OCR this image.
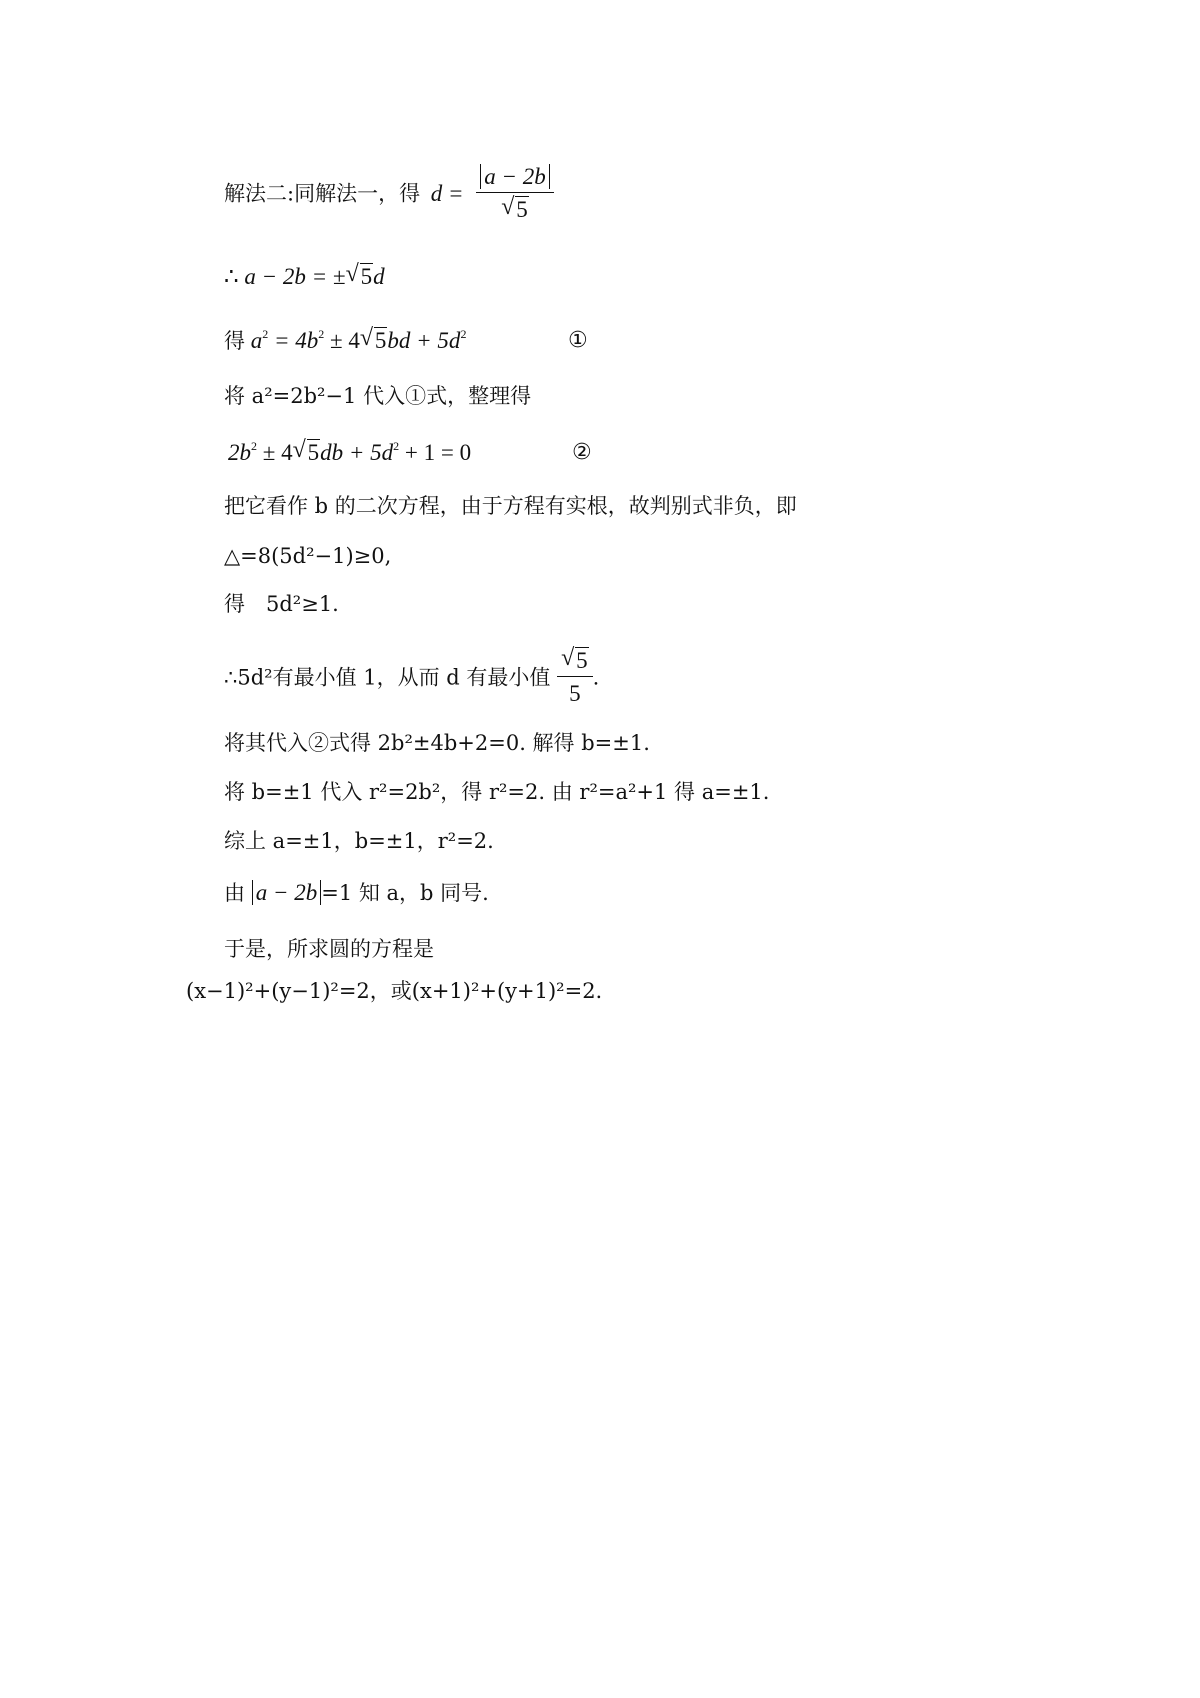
解法二:同解法一，得 d = a − 2b
√ 5
∴ a − 2b = ±√ 5d
得 $a^2 = 4b^2 \pm 4√$ $5bd + 5d^2$	①
将 a²=2b²−1 代入①式，整理得
$2b^2 \pm 4√$ $5db + 5d^2 + 1 = 0$	②
把它看作 b 的二次方程，由于方程有实根，故判别式非负，即
△=8(5d²−1)≥0,
得　5d²≥1.
∴5d²有最小值 1，从而 d 有最小值
√ $\frac{5}{5}$ .
将其代入②式得 2b²±4b+2=0. 解得 b=±1.
将 b=±1 代入 r²=2b²，得 r²=2. 由 r²=a²+1 得 a=±1.
综上 a=±1，b=±1，r²=2.
由 a − 2b =1 知 a，b 同号.
于是，所求圆的方程是
(x−1)²+(y−1)²=2，或(x+1)²+(y+1)²=2.
